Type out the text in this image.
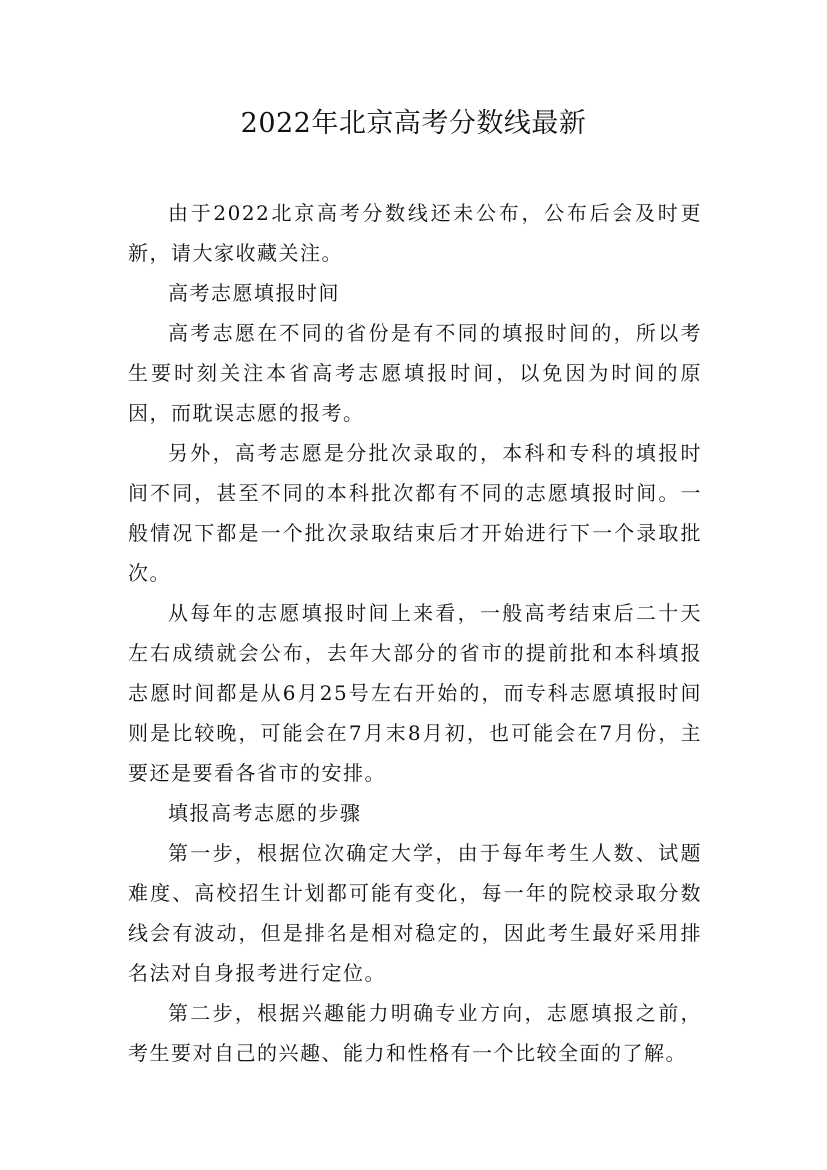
2022年北京高考分数线最新

由于2022北京高考分数线还未公布，公布后会及时更新，请大家收藏关注。

高考志愿填报时间

高考志愿在不同的省份是有不同的填报时间的，所以考生要时刻关注本省高考志愿填报时间，以免因为时间的原因，而耽误志愿的报考。

另外，高考志愿是分批次录取的，本科和专科的填报时间不同，甚至不同的本科批次都有不同的志愿填报时间。一般情况下都是一个批次录取结束后才开始进行下一个录取批次。

从每年的志愿填报时间上来看，一般高考结束后二十天左右成绩就会公布，去年大部分的省市的提前批和本科填报志愿时间都是从6月25号左右开始的，而专科志愿填报时间则是比较晚，可能会在7月末8月初，也可能会在7月份，主要还是要看各省市的安排。

填报高考志愿的步骤

第一步，根据位次确定大学，由于每年考生人数、试题难度、高校招生计划都可能有变化，每一年的院校录取分数线会有波动，但是排名是相对稳定的，因此考生最好采用排名法对自身报考进行定位。

第二步，根据兴趣能力明确专业方向，志愿填报之前，考生要对自己的兴趣、能力和性格有一个比较全面的了解。
